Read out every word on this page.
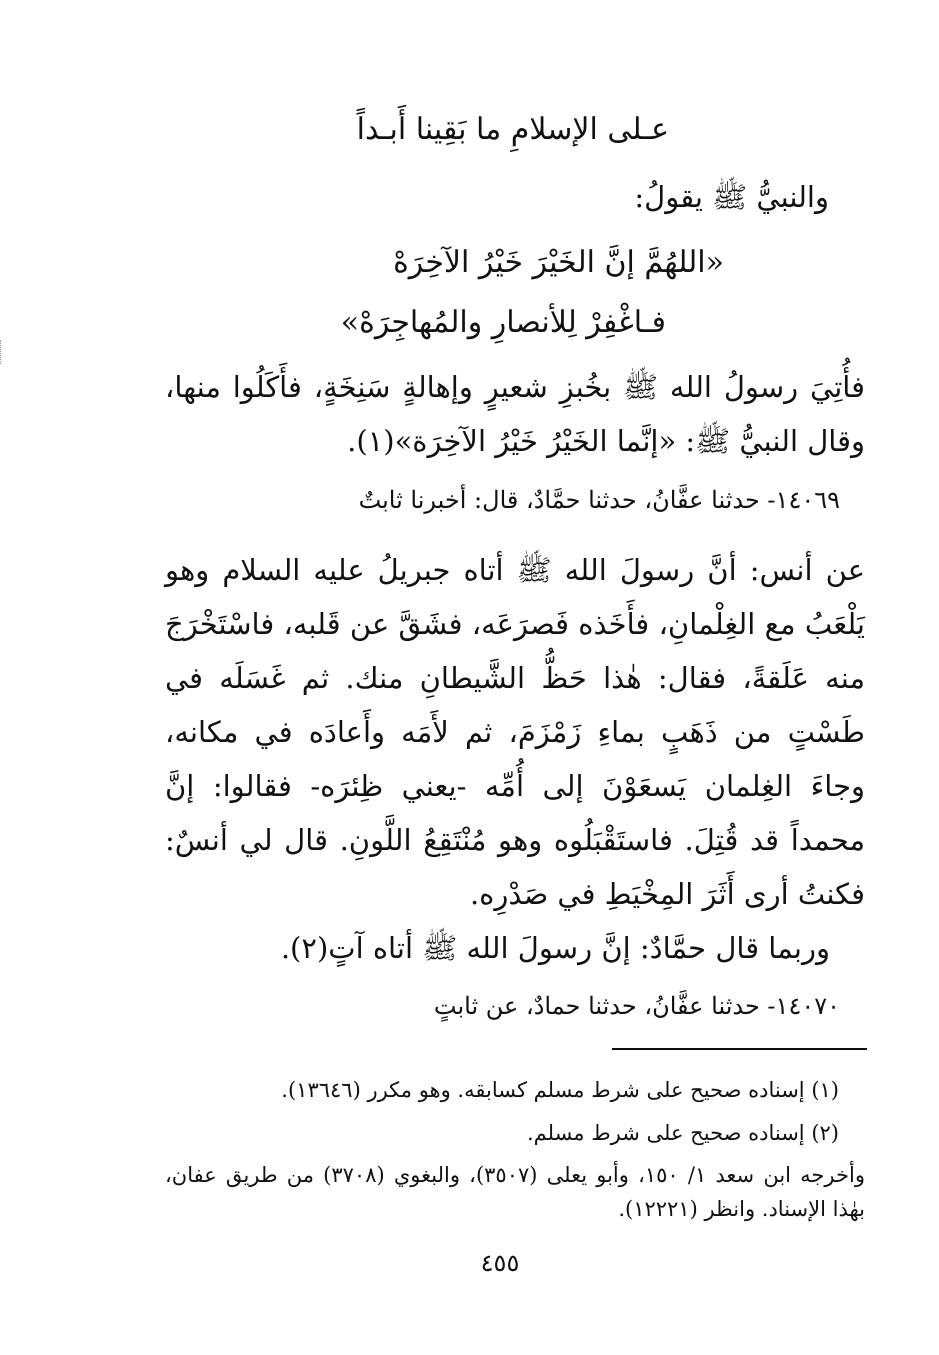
عـلى الإسلامِ ما بَقِينا أَبـداً
والنبيُّ ﷺ يقولُ:
«اللهُمَّ إنَّ الخَيْرَ خَيْرُ الآخِرَهْ
فـاغْفِرْ لِلأنصارِ والمُهاجِرَهْ»
فأُتِيَ رسولُ الله ﷺ بخُبزِ شعيرٍ وإهالةٍ سَنِخَةٍ، فأَكَلُوا منها،
وقال النبيُّ ﷺ: «إنَّما الخَيْرُ خَيْرُ الآخِرَة»(١).
١٤٠٦٩- حدثنا عفَّانُ، حدثنا حمَّادٌ، قال: أخبرنا ثابتٌ
عن أنس: أنَّ رسولَ الله ﷺ أتاه جبريلُ عليه السلام وهو يَلْعَبُ مع الغِلْمانِ، فأَخَذه فَصرَعَه، فشَقَّ عن قَلبه، فاسْتَخْرَجَ منه عَلَقةً، فقال: هٰذا حَظُّ الشَّيطانِ منك. ثم غَسَلَه في طَسْتٍ من ذَهَبٍ بماءِ زَمْزَمَ، ثم لأَمَه وأَعادَه في مكانه، وجاءَ الغِلمان يَسعَوْنَ إلى أُمِّه -يعني ظِئرَه- فقالوا: إنَّ محمداً قد قُتِلَ. فاستَقْبَلُوه وهو مُنْتَقِعُ اللَّونِ. قال لي أنسٌ: فكنتُ أرى أَثَرَ المِخْيَطِ في صَدْرِه.
وربما قال حمَّادٌ: إنَّ رسولَ الله ﷺ أتاه آتٍ(٢).
١٤٠٧٠- حدثنا عفَّانُ، حدثنا حمادٌ، عن ثابتٍ
(١) إسناده صحيح على شرط مسلم كسابقه. وهو مكرر (١٣٦٤٦).
(٢) إسناده صحيح على شرط مسلم.
وأخرجه ابن سعد ١/ ١٥٠، وأبو يعلى (٣٥٠٧)، والبغوي (٣٧٠٨) من طريق عفان، بهٰذا الإسناد. وانظر (١٢٢٢١).
٤٥٥
